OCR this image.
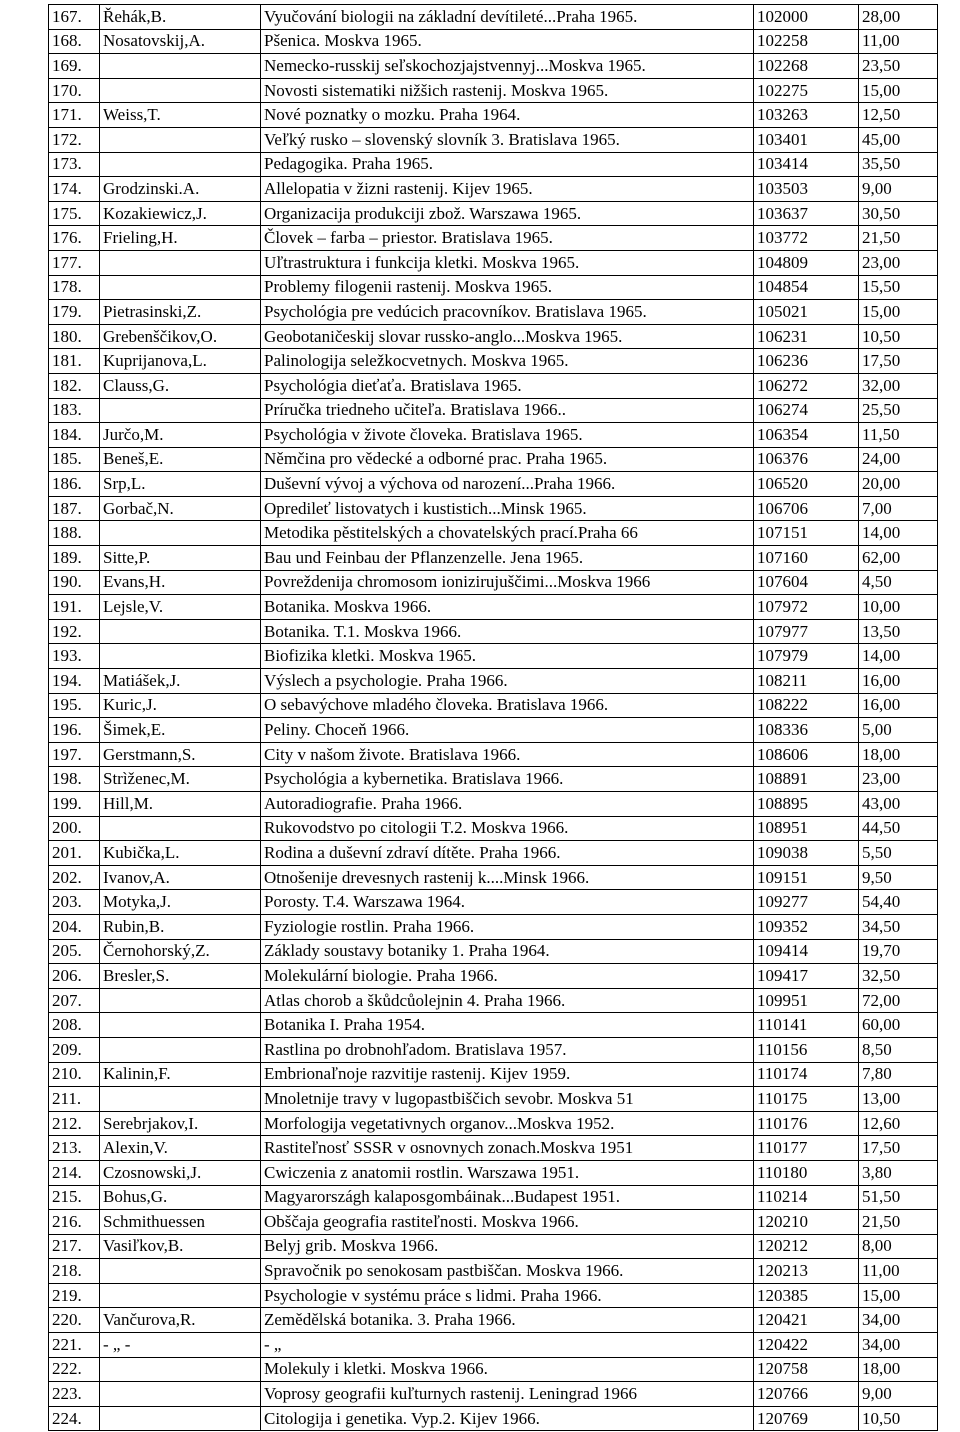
167.	Řehák,B.	Vyučování biologii na základní devítileté...Praha 1965.	102000	28,00
168.	Nosatovskij,A.	Pšenica. Moskva 1965.	102258	11,00
169.		Nemecko-russkij seľskochozjajstvennyj...Moskva 1965.	102268	23,50
170.		Novosti sistematiki nižšich rastenij. Moskva 1965.	102275	15,00
171.	Weiss,T.	Nové poznatky o mozku. Praha 1964.	103263	12,50
172.		Veľký rusko – slovenský slovník 3. Bratislava 1965.	103401	45,00
173.		Pedagogika. Praha 1965.	103414	35,50
174.	Grodzinski.A.	Allelopatia v žizni rastenij. Kijev 1965.	103503	9,00
175.	Kozakiewicz,J.	Organizacija produkciji zbož. Warszawa 1965.	103637	30,50
176.	Frieling,H.	Človek – farba – priestor. Bratislava 1965.	103772	21,50
177.		Uľtrastruktura i funkcija kletki. Moskva 1965.	104809	23,00
178.		Problemy filogenii rastenij. Moskva 1965.	104854	15,50
179.	Pietrasinski,Z.	Psychológia pre vedúcich pracovníkov. Bratislava 1965.	105021	15,00
180.	Grebenščikov,O.	Geobotaničeskij slovar russko-anglo...Moskva 1965.	106231	10,50
181.	Kuprijanova,L.	Palinologija seležkocvetnych. Moskva 1965.	106236	17,50
182.	Clauss,G.	Psychológia dieťaťa. Bratislava 1965.	106272	32,00
183.		Príručka triedneho učiteľa. Bratislava 1966..	106274	25,50
184.	Jurčo,M.	Psychológia v živote človeka. Bratislava 1965.	106354	11,50
185.	Beneš,E.	Němčina pro vědecké a odborné prac. Praha 1965.	106376	24,00
186.	Srp,L.	Duševní vývoj a výchova od narození...Praha 1966.	106520	20,00
187.	Gorbač,N.	Opredileť listovatych i kustistich...Minsk 1965.	106706	7,00
188.		Metodika pěstitelských a chovatelských prací.Praha 66	107151	14,00
189.	Sitte,P.	Bau und Feinbau der Pflanzenzelle. Jena 1965.	107160	62,00
190.	Evans,H.	Povreždenija chromosom ionizirujuščimi...Moskva 1966	107604	4,50
191.	Lejsle,V.	Botanika. Moskva 1966.	107972	10,00
192.		Botanika. T.1. Moskva 1966.	107977	13,50
193.		Biofizika kletki. Moskva 1965.	107979	14,00
194.	Matiášek,J.	Výslech a psychologie. Praha 1966.	108211	16,00
195.	Kuric,J.	O sebavýchove mladého človeka. Bratislava 1966.	108222	16,00
196.	Šimek,E.	Peliny. Choceň 1966.	108336	5,00
197.	Gerstmann,S.	City v našom živote. Bratislava 1966.	108606	18,00
198.	Strìženec,M.	Psychológia a kybernetika. Bratislava 1966.	108891	23,00
199.	Hill,M.	Autoradiografie. Praha 1966.	108895	43,00
200.		Rukovodstvo po citologii T.2. Moskva 1966.	108951	44,50
201.	Kubička,L.	Rodina a duševní zdraví dítěte. Praha 1966.	109038	5,50
202.	Ivanov,A.	Otnošenije drevesnych rastenij k....Minsk 1966.	109151	9,50
203.	Motyka,J.	Porosty. T.4. Warszawa 1964.	109277	54,40
204.	Rubin,B.	Fyziologie rostlin. Praha 1966.	109352	34,50
205.	Černohorský,Z.	Základy soustavy botaniky 1. Praha 1964.	109414	19,70
206.	Bresler,S.	Molekulární biologie. Praha 1966.	109417	32,50
207.		Atlas chorob a škůdcůolejnin 4. Praha 1966.	109951	72,00
208.		Botanika I. Praha 1954.	110141	60,00
209.		Rastlina po drobnohľadom. Bratislava 1957.	110156	8,50
210.	Kalinin,F.	Embrionaľnoje razvitije rastenij. Kijev 1959.	110174	7,80
211.		Mnoletnije travy v lugopastbiščich sevobr. Moskva 51	110175	13,00
212.	Serebrjakov,I.	Morfologija vegetativnych organov...Moskva 1952.	110176	12,60
213.	Alexin,V.	Rastiteľnosť SSSR v osnovnych zonach.Moskva 1951	110177	17,50
214.	Czosnowski,J.	Cwiczenia z anatomii rostlin. Warszawa 1951.	110180	3,80
215.	Bohus,G.	Magyarországh kalaposgombáinak...Budapest 1951.	110214	51,50
216.	Schmithuessen	Obščaja geografia rastiteľnosti. Moskva 1966.	120210	21,50
217.	Vasiľkov,B.	Belyj grib. Moskva 1966.	120212	8,00
218.		Spravočnik po senokosam pastbiščan. Moskva 1966.	120213	11,00
219.		Psychologie v systému práce s lidmi. Praha 1966.	120385	15,00
220.	Vančurova,R.	Zemědělská botanika. 3. Praha 1966.	120421	34,00
221.	- „ -	- „	120422	34,00
222.		Molekuly i kletki. Moskva 1966.	120758	18,00
223.		Voprosy geografii kuľturnych rastenij. Leningrad 1966	120766	9,00
224.		Citologija i genetika. Vyp.2. Kijev 1966.	120769	10,50
